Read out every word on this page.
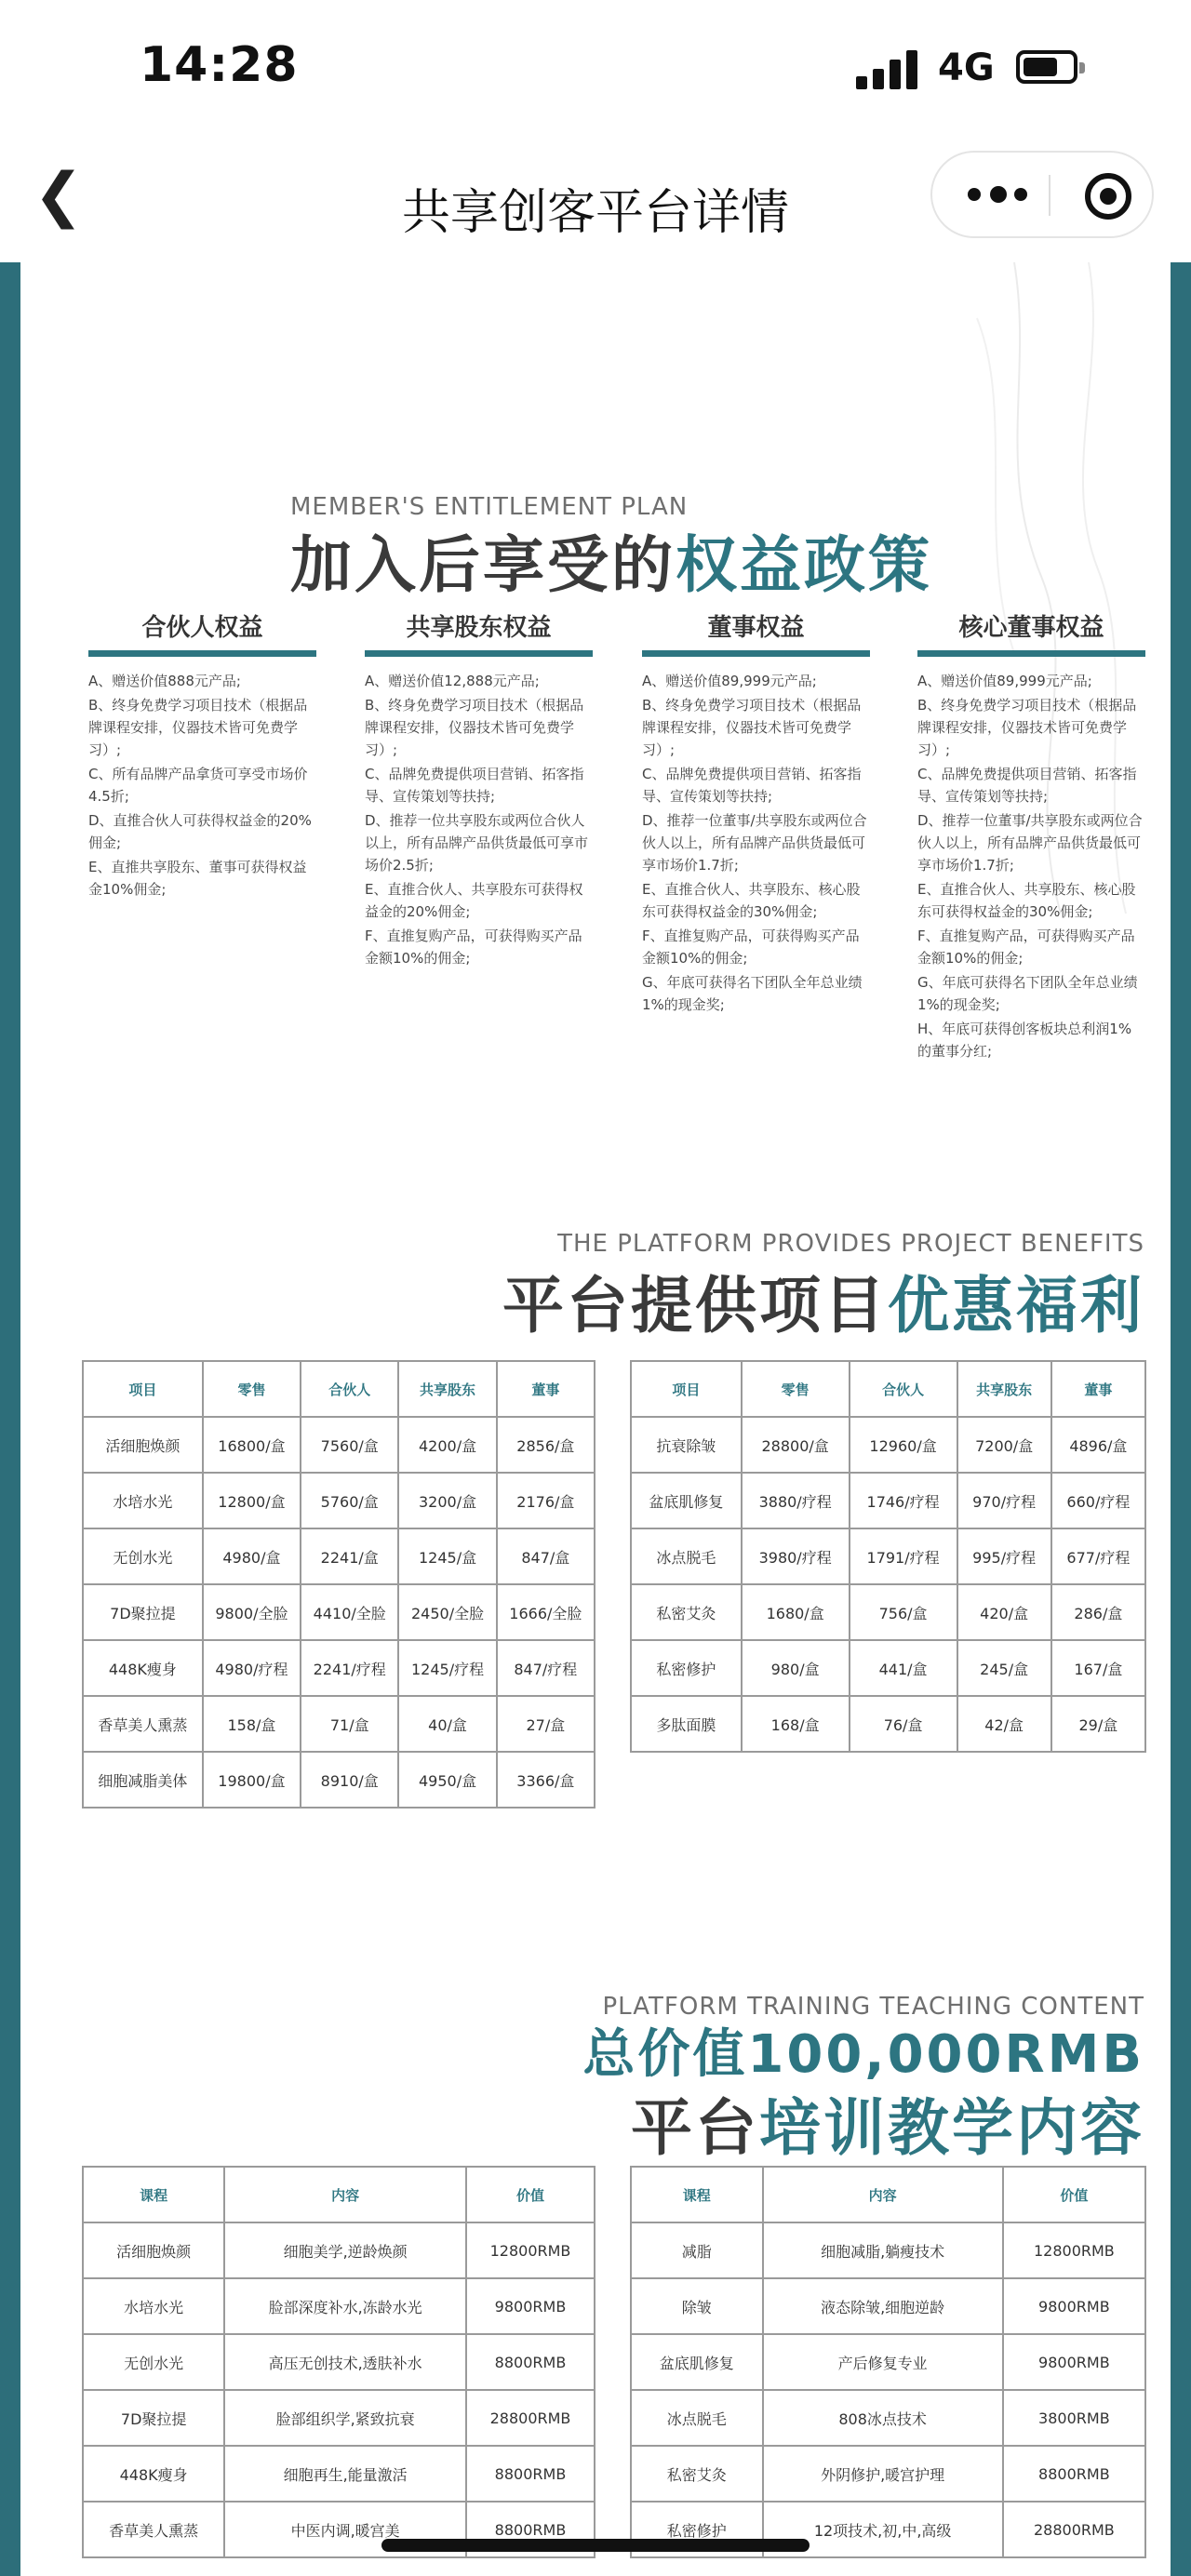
14:28	4G
❮	共享创客平台详情
MEMBER'S ENTITLEMENT PLAN
加入后享受的权益政策
合伙人权益
A、赠送价值888元产品;
B、终身免费学习项目技术（根据品牌课程安排，仪器技术皆可免费学习）;
C、所有品牌产品拿货可享受市场价4.5折;
D、直推合伙人可获得权益金的20%佣金;
E、直推共享股东、董事可获得权益金10%佣金;
共享股东权益
A、赠送价值12,888元产品;
B、终身免费学习项目技术（根据品牌课程安排，仪器技术皆可免费学习）;
C、品牌免费提供项目营销、拓客指导、宣传策划等扶持;
D、推荐一位共享股东或两位合伙人以上，所有品牌产品供货最低可享市场价2.5折;
E、直推合伙人、共享股东可获得权益金的20%佣金;
F、直推复购产品，可获得购买产品金额10%的佣金;
董事权益
A、赠送价值89,999元产品;
B、终身免费学习项目技术（根据品牌课程安排，仪器技术皆可免费学习）;
C、品牌免费提供项目营销、拓客指导、宣传策划等扶持;
D、推荐一位董事/共享股东或两位合伙人以上，所有品牌产品供货最低可享市场价1.7折;
E、直推合伙人、共享股东、核心股东可获得权益金的30%佣金;
F、直推复购产品，可获得购买产品金额10%的佣金;
G、年底可获得名下团队全年总业绩1%的现金奖;
核心董事权益
A、赠送价值89,999元产品;
B、终身免费学习项目技术（根据品牌课程安排，仪器技术皆可免费学习）;
C、品牌免费提供项目营销、拓客指导、宣传策划等扶持;
D、推荐一位董事/共享股东或两位合伙人以上，所有品牌产品供货最低可享市场价1.7折;
E、直推合伙人、共享股东、核心股东可获得权益金的30%佣金;
F、直推复购产品，可获得购买产品金额10%的佣金;
G、年底可获得名下团队全年总业绩1%的现金奖;
H、年底可获得创客板块总利润1%的董事分红;
THE PLATFORM PROVIDES PROJECT BENEFITS
平台提供项目优惠福利
项目	零售	合伙人	共享股东	董事
活细胞焕颜	16800/盒	7560/盒	4200/盒	2856/盒
水培水光	12800/盒	5760/盒	3200/盒	2176/盒
无创水光	4980/盒	2241/盒	1245/盒	847/盒
7D聚拉提	9800/全脸	4410/全脸	2450/全脸	1666/全脸
448K瘦身	4980/疗程	2241/疗程	1245/疗程	847/疗程
香草美人熏蒸	158/盒	71/盒	40/盒	27/盒
细胞减脂美体	19800/盒	8910/盒	4950/盒	3366/盒
项目	零售	合伙人	共享股东	董事
抗衰除皱	28800/盒	12960/盒	7200/盒	4896/盒
盆底肌修复	3880/疗程	1746/疗程	970/疗程	660/疗程
冰点脱毛	3980/疗程	1791/疗程	995/疗程	677/疗程
私密艾灸	1680/盒	756/盒	420/盒	286/盒
私密修护	980/盒	441/盒	245/盒	167/盒
多肽面膜	168/盒	76/盒	42/盒	29/盒
PLATFORM TRAINING TEACHING CONTENT
总价值100,000RMB
平台培训教学内容
课程	内容	价值
活细胞焕颜	细胞美学,逆龄焕颜	12800RMB
水培水光	脸部深度补水,冻龄水光	9800RMB
无创水光	高压无创技术,透肤补水	8800RMB
7D聚拉提	脸部组织学,紧致抗衰	28800RMB
448K瘦身	细胞再生,能量激活	8800RMB
香草美人熏蒸	中医内调,暖宫美	8800RMB
课程	内容	价值
减脂	细胞减脂,躺瘦技术	12800RMB
除皱	液态除皱,细胞逆龄	9800RMB
盆底肌修复	产后修复专业	9800RMB
冰点脱毛	808冰点技术	3800RMB
私密艾灸	外阴修护,暖宫护理	8800RMB
私密修护	12项技术,初,中,高级	28800RMB
